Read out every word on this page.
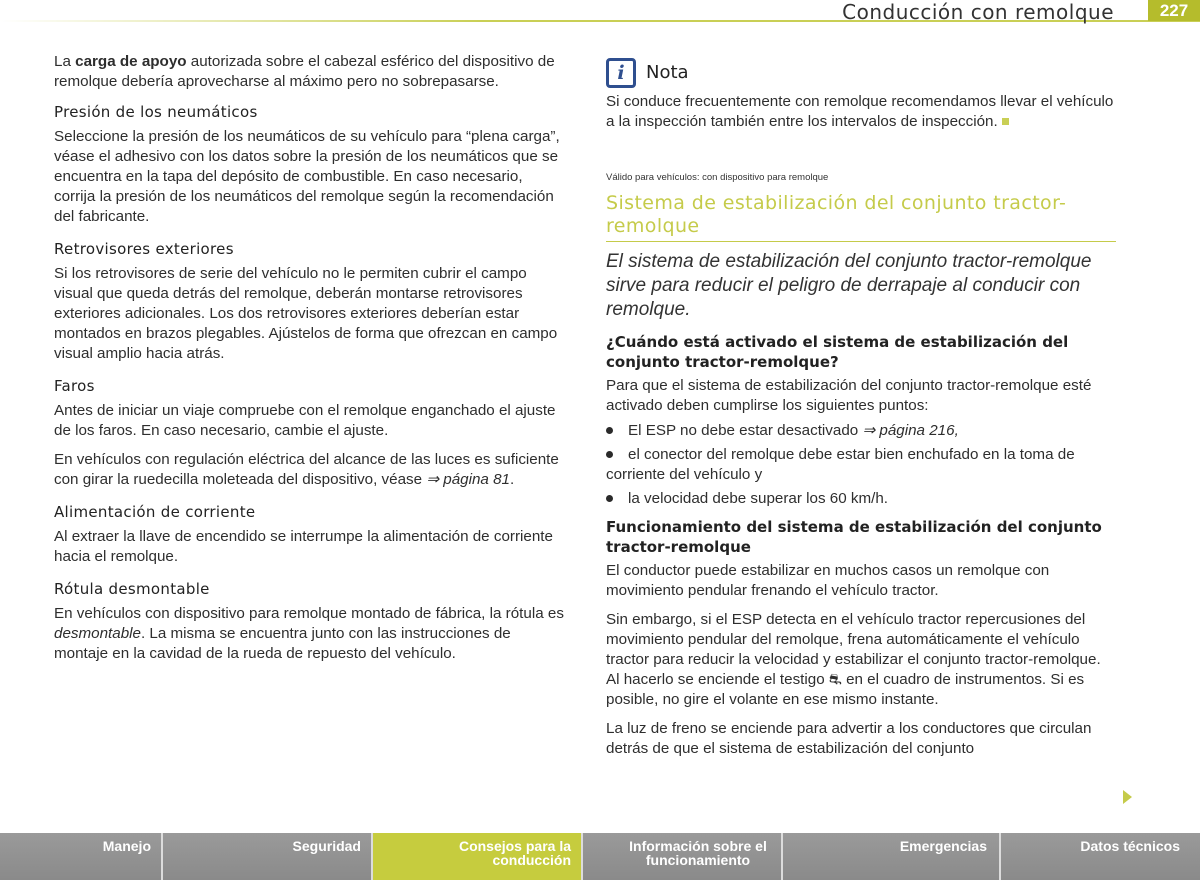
Conducción con remolque	227

La carga de apoyo autorizada sobre el cabezal esférico del dispositivo de remolque debería aprovecharse al máximo pero no sobrepasarse.

Presión de los neumáticos

Seleccione la presión de los neumáticos de su vehículo para “plena carga”, véase el adhesivo con los datos sobre la presión de los neumáticos que se encuentra en la tapa del depósito de combustible. En caso necesario, corrija la presión de los neumáticos del remolque según la recomendación del fabricante.

Retrovisores exteriores

Si los retrovisores de serie del vehículo no le permiten cubrir el campo visual que queda detrás del remolque, deberán montarse retrovisores exteriores adicionales. Los dos retrovisores exteriores deberían estar montados en brazos plegables. Ajústelos de forma que ofrezcan en campo visual amplio hacia atrás.

Faros

Antes de iniciar un viaje compruebe con el remolque enganchado el ajuste de los faros. En caso necesario, cambie el ajuste.

En vehículos con regulación eléctrica del alcance de las luces es suficiente con girar la ruedecilla moleteada del dispositivo, véase ⇒ página 81.

Alimentación de corriente

Al extraer la llave de encendido se interrumpe la alimentación de corriente hacia el remolque.

Rótula desmontable

En vehículos con dispositivo para remolque montado de fábrica, la rótula es desmontable. La misma se encuentra junto con las instrucciones de montaje en la cavidad de la rueda de repuesto del vehículo.

i Nota

Si conduce frecuentemente con remolque recomendamos llevar el vehículo a la inspección también entre los intervalos de inspección.

Válido para vehículos: con dispositivo para remolque
Sistema de estabilización del conjunto tractor-remolque
El sistema de estabilización del conjunto tractor-remolque sirve para reducir el peligro de derrapaje al conducir con remolque.
¿Cuándo está activado el sistema de estabilización del conjunto tractor-remolque?

Para que el sistema de estabilización del conjunto tractor-remolque esté activado deben cumplirse los siguientes puntos:

El ESP no debe estar desactivado ⇒ página 216,
el conector del remolque debe estar bien enchufado en la toma de corriente del vehículo y
la velocidad debe superar los 60 km/h.
Funcionamiento del sistema de estabilización del conjunto tractor-remolque

El conductor puede estabilizar en muchos casos un remolque con movimiento pendular frenando el vehículo tractor.

Sin embargo, si el ESP detecta en el vehículo tractor repercusiones del movimiento pendular del remolque, frena automáticamente el vehículo tractor para reducir la velocidad y estabilizar el conjunto tractor-remolque. Al hacerlo se enciende el testigo ⛐ en el cuadro de instrumentos. Si es posible, no gire el volante en ese mismo instante.

La luz de freno se enciende para advertir a los conductores que circulan detrás de que el sistema de estabilización del conjunto

Manejo	Seguridad	Consejos para la conducción
Información sobre el funcionamiento
Emergencias	Datos técnicos
